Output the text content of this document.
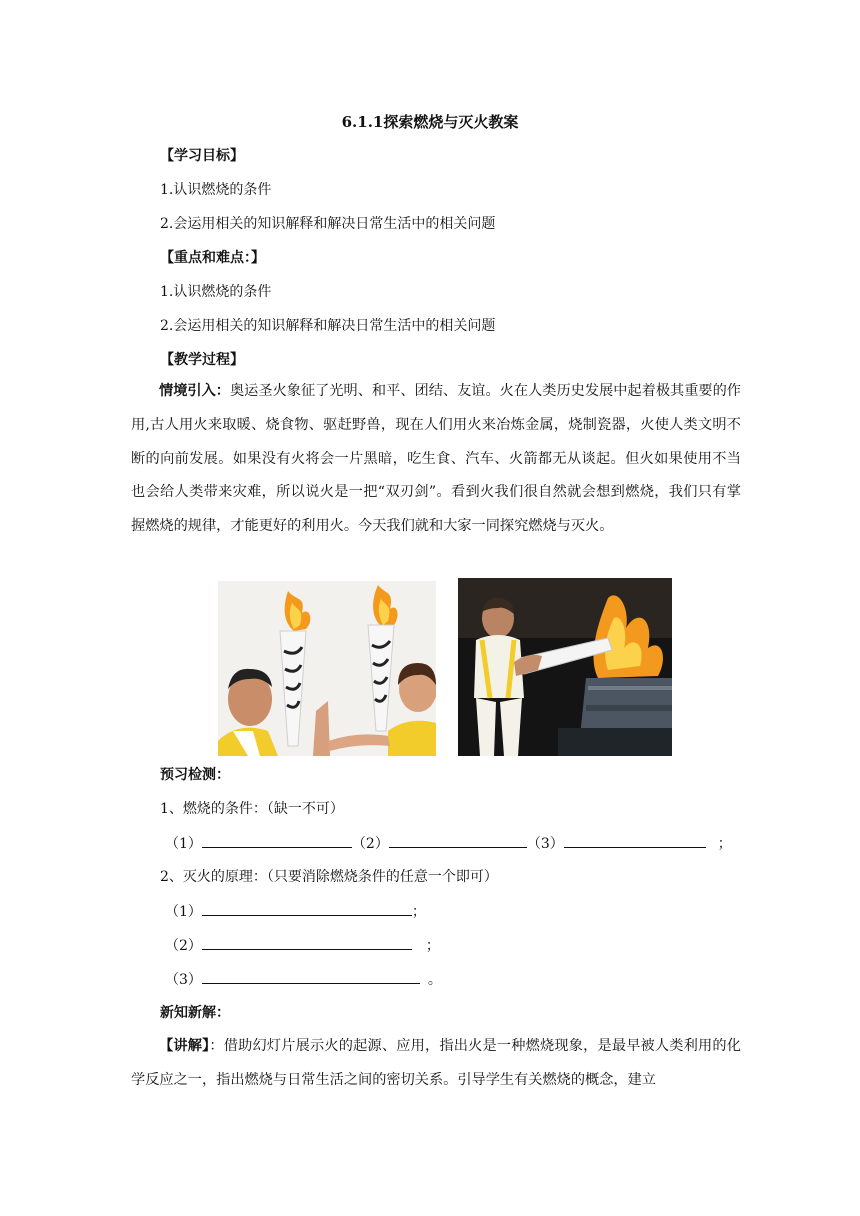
6.1.1探索燃烧与灭火教案
【学习目标】
1.认识燃烧的条件
2.会运用相关的知识解释和解决日常生活中的相关问题
【重点和难点：】
1.认识燃烧的条件
2.会运用相关的知识解释和解决日常生活中的相关问题
【教学过程】
情境引入：奥运圣火象征了光明、和平、团结、友谊。火在人类历史发展中起着极其重要的作用,古人用火来取暖、烧食物、驱赶野兽，现在人们用火来冶炼金属，烧制瓷器，火使人类文明不断的向前发展。如果没有火将会一片黑暗，吃生食、汽车、火箭都无从谈起。但火如果使用不当也会给人类带来灾难，所以说火是一把“双刃剑”。看到火我们很自然就会想到燃烧，我们只有掌握燃烧的规律，才能更好的利用火。今天我们就和大家一同探究燃烧与灭火。
预习检测：
1、燃烧的条件：（缺一不可）
（1）	（2）	（3）	；
2、灭火的原理：（只要消除燃烧条件的任意一个即可）
（1）	；
（2）	；
（3）	。
新知新解：
【讲解】：借助幻灯片展示火的起源、应用，指出火是一种燃烧现象，是最早被人类利用的化学反应之一，指出燃烧与日常生活之间的密切关系。引导学生有关燃烧的概念，建立
